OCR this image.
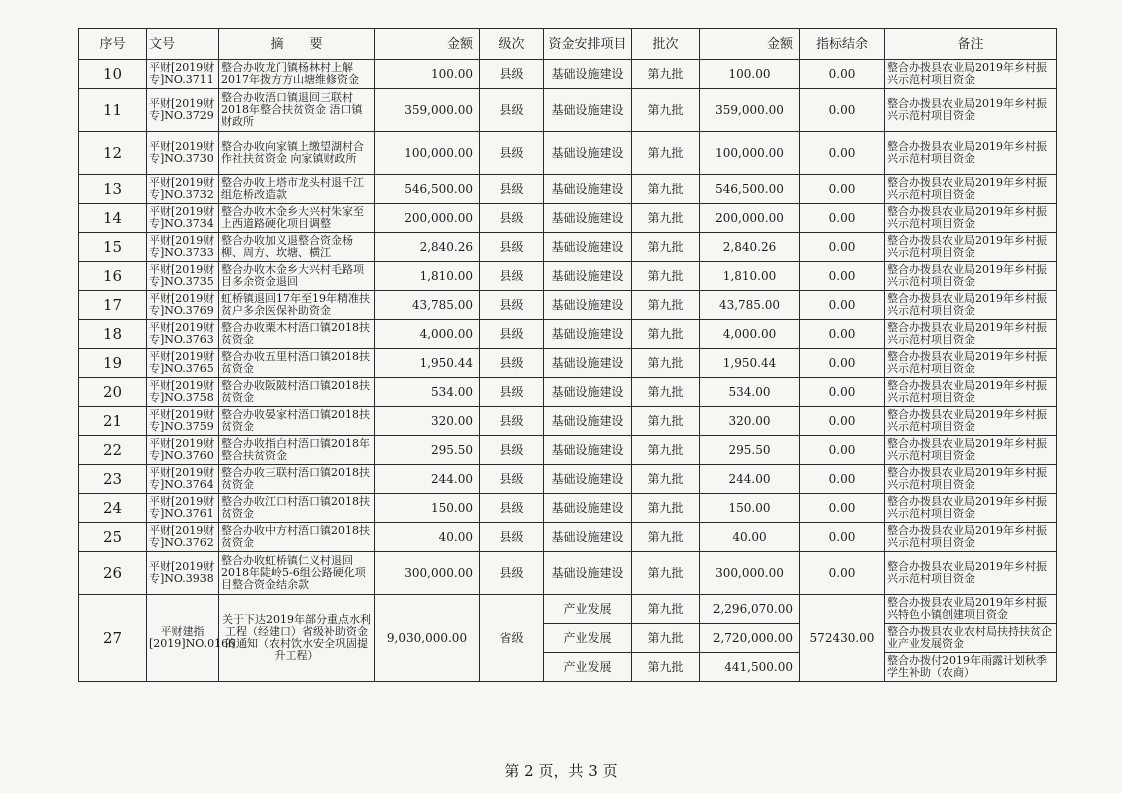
序号	文号	摘　　要	金额	级次	资金安排项目	批次	金额	指标结余	备注
10	平财[2019财专]NO.3711	整合办收龙门镇杨林村上解2017年拨方方山塘维修资金	100.00	县级	基础设施建设	第九批	100.00	0.00	整合办拨县农业局2019年乡村振兴示范村项目资金
11	平财[2019财专]NO.3729	整合办收浯口镇退回三联村2018年整合扶贫资金 浯口镇财政所	359,000.00	县级	基础设施建设	第九批	359,000.00	0.00	整合办拨县农业局2019年乡村振兴示范村项目资金
12	平财[2019财专]NO.3730	整合办收向家镇上缴望湖村合作社扶贫资金 向家镇财政所	100,000.00	县级	基础设施建设	第九批	100,000.00	0.00	整合办拨县农业局2019年乡村振兴示范村项目资金
13	平财[2019财专]NO.3732	整合办收上塔市龙头村退千江组危桥改造款	546,500.00	县级	基础设施建设	第九批	546,500.00	0.00	整合办拨县农业局2019年乡村振兴示范村项目资金
14	平财[2019财专]NO.3734	整合办收木金乡大兴村朱家至上西道路硬化项目调整	200,000.00	县级	基础设施建设	第九批	200,000.00	0.00	整合办拨县农业局2019年乡村振兴示范村项目资金
15	平财[2019财专]NO.3733	整合办收加义退整合资金杨柳、周方、坎塘、横江	2,840.26	县级	基础设施建设	第九批	2,840.26	0.00	整合办拨县农业局2019年乡村振兴示范村项目资金
16	平财[2019财专]NO.3735	整合办收木金乡大兴村毛路项目多余资金退回	1,810.00	县级	基础设施建设	第九批	1,810.00	0.00	整合办拨县农业局2019年乡村振兴示范村项目资金
17	平财[2019财专]NO.3769	虹桥镇退回17年至19年精准扶贫户多余医保补助资金	43,785.00	县级	基础设施建设	第九批	43,785.00	0.00	整合办拨县农业局2019年乡村振兴示范村项目资金
18	平财[2019财专]NO.3763	整合办收栗木村浯口镇2018扶贫资金	4,000.00	县级	基础设施建设	第九批	4,000.00	0.00	整合办拨县农业局2019年乡村振兴示范村项目资金
19	平财[2019财专]NO.3765	整合办收五里村浯口镇2018扶贫资金	1,950.44	县级	基础设施建设	第九批	1,950.44	0.00	整合办拨县农业局2019年乡村振兴示范村项目资金
20	平财[2019财专]NO.3758	整合办收阪陂村浯口镇2018扶贫资金	534.00	县级	基础设施建设	第九批	534.00	0.00	整合办拨县农业局2019年乡村振兴示范村项目资金
21	平财[2019财专]NO.3759	整合办收晏家村浯口镇2018扶贫资金	320.00	县级	基础设施建设	第九批	320.00	0.00	整合办拨县农业局2019年乡村振兴示范村项目资金
22	平财[2019财专]NO.3760	整合办收指白村浯口镇2018年整合扶贫资金	295.50	县级	基础设施建设	第九批	295.50	0.00	整合办拨县农业局2019年乡村振兴示范村项目资金
23	平财[2019财专]NO.3764	整合办收三联村浯口镇2018扶贫资金	244.00	县级	基础设施建设	第九批	244.00	0.00	整合办拨县农业局2019年乡村振兴示范村项目资金
24	平财[2019财专]NO.3761	整合办收江口村浯口镇2018扶贫资金	150.00	县级	基础设施建设	第九批	150.00	0.00	整合办拨县农业局2019年乡村振兴示范村项目资金
25	平财[2019财专]NO.3762	整合办收中方村浯口镇2018扶贫资金	40.00	县级	基础设施建设	第九批	40.00	0.00	整合办拨县农业局2019年乡村振兴示范村项目资金
26	平财[2019财专]NO.3938	整合办收虹桥镇仁义村退回2018年陡岭5-6组公路硬化项目整合资金结余款	300,000.00	县级	基础设施建设	第九批	300,000.00	0.00	整合办拨县农业局2019年乡村振兴示范村项目资金
27	平财建指[2019]NO.0166	关于下达2019年部分重点水利工程（经建口）省级补助资金的通知（农村饮水安全巩固提升工程）	9,030,000.00	省级	产业发展	第九批	2,296,070.00	572430.00	整合办拨县农业局2019年乡村振兴特色小镇创建项目资金
					产业发展	第九批	2,720,000.00		整合办拨县农业农村局扶持扶贫企业产业发展资金
					产业发展	第九批	441,500.00		整合办拨付2019年雨露计划秋季学生补助（农商）
第 2 页，共 3 页
